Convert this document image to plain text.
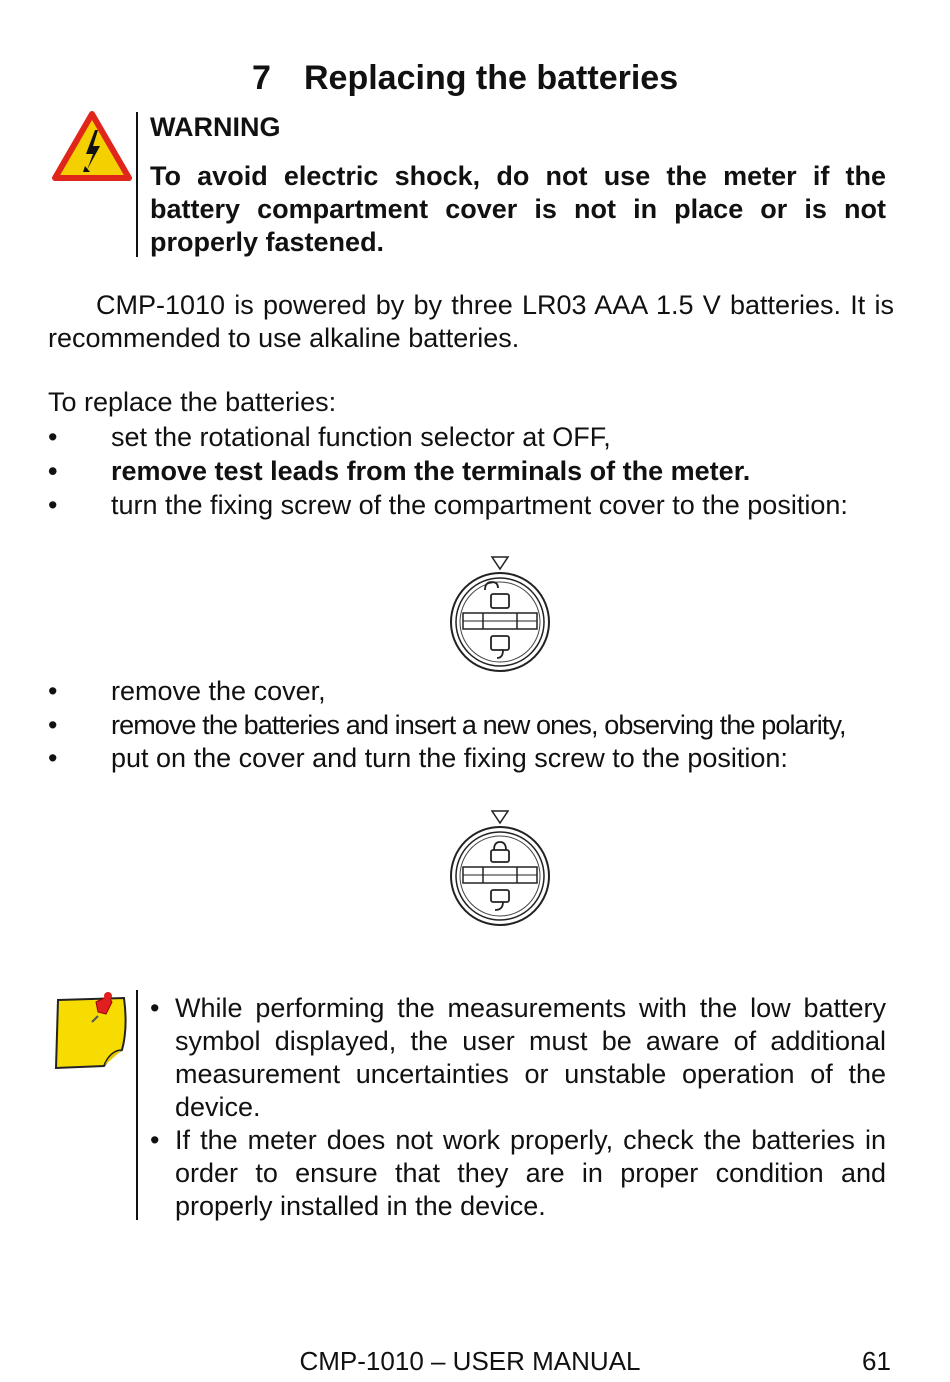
7 Replacing the batteries
WARNING
To avoid electric shock, do not use the meter if the battery compartment cover is not in place or is not properly fastened.
CMP-1010 is powered by by three LR03 AAA 1.5 V batteries. It is recommended to use alkaline batteries.
To replace the batteries:
• set the rotational function selector at OFF,
• remove test leads from the terminals of the meter.
• turn the fixing screw of the compartment cover to the position:
• remove the cover,
• remove the batteries and insert a new ones, observing the polarity,
• put on the cover and turn the fixing screw to the position:
• While performing the measurements with the low battery symbol displayed, the user must be aware of additional measurement uncertainties or unstable operation of the device.
• If the meter does not work properly, check the batteries in order to ensure that they are in proper condition and properly installed in the device.
CMP-1010 – USER MANUAL	61
